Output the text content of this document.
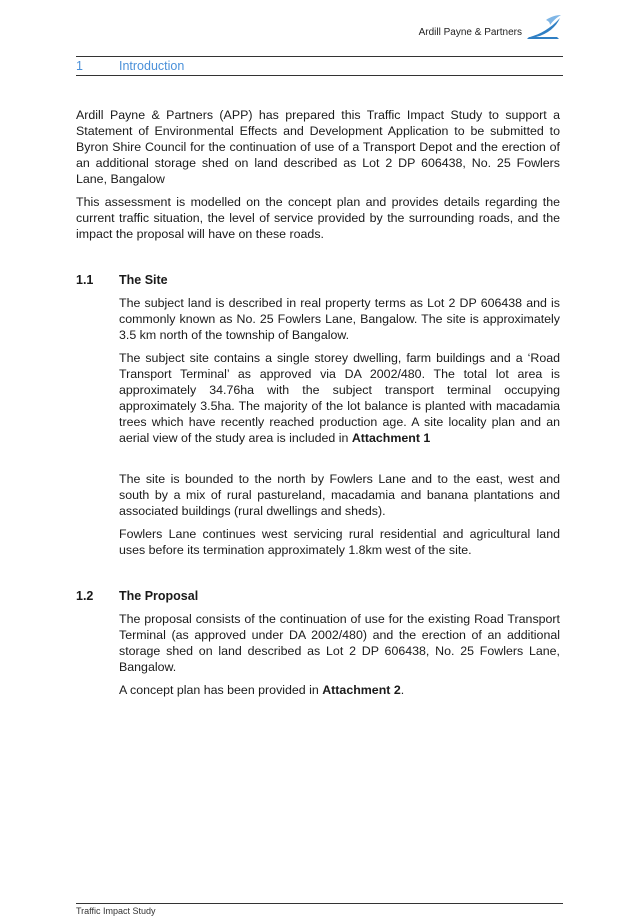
Ardill Payne & Partners
1	Introduction

Ardill Payne & Partners (APP) has prepared this Traffic Impact Study to support a Statement of Environmental Effects and Development Application to be submitted to Byron Shire Council for the continuation of use of a Transport Depot and the erection of an additional storage shed on land described as Lot 2 DP 606438, No. 25 Fowlers Lane, Bangalow

This assessment is modelled on the concept plan and provides details regarding the current traffic situation, the level of service provided by the surrounding roads, and the impact the proposal will have on these roads.

1.1 The Site

The subject land is described in real property terms as Lot 2 DP 606438 and is commonly known as No. 25 Fowlers Lane, Bangalow. The site is approximately 3.5 km north of the township of Bangalow.

The subject site contains a single storey dwelling, farm buildings and a ‘Road Transport Terminal’ as approved via DA 2002/480. The total lot area is approximately 34.76ha with the subject transport terminal occupying approximately 3.5ha. The majority of the lot balance is planted with macadamia trees which have recently reached production age. A site locality plan and an aerial view of the study area is included in Attachment 1

The site is bounded to the north by Fowlers Lane and to the east, west and south by a mix of rural pastureland, macadamia and banana plantations and associated buildings (rural dwellings and sheds).

Fowlers Lane continues west servicing rural residential and agricultural land uses before its termination approximately 1.8km west of the site.

1.2 The Proposal

The proposal consists of the continuation of use for the existing Road Transport Terminal (as approved under DA 2002/480) and the erection of an additional storage shed on land described as Lot 2 DP 606438, No. 25 Fowlers Lane, Bangalow.

A concept plan has been provided in Attachment 2.

Traffic Impact Study
